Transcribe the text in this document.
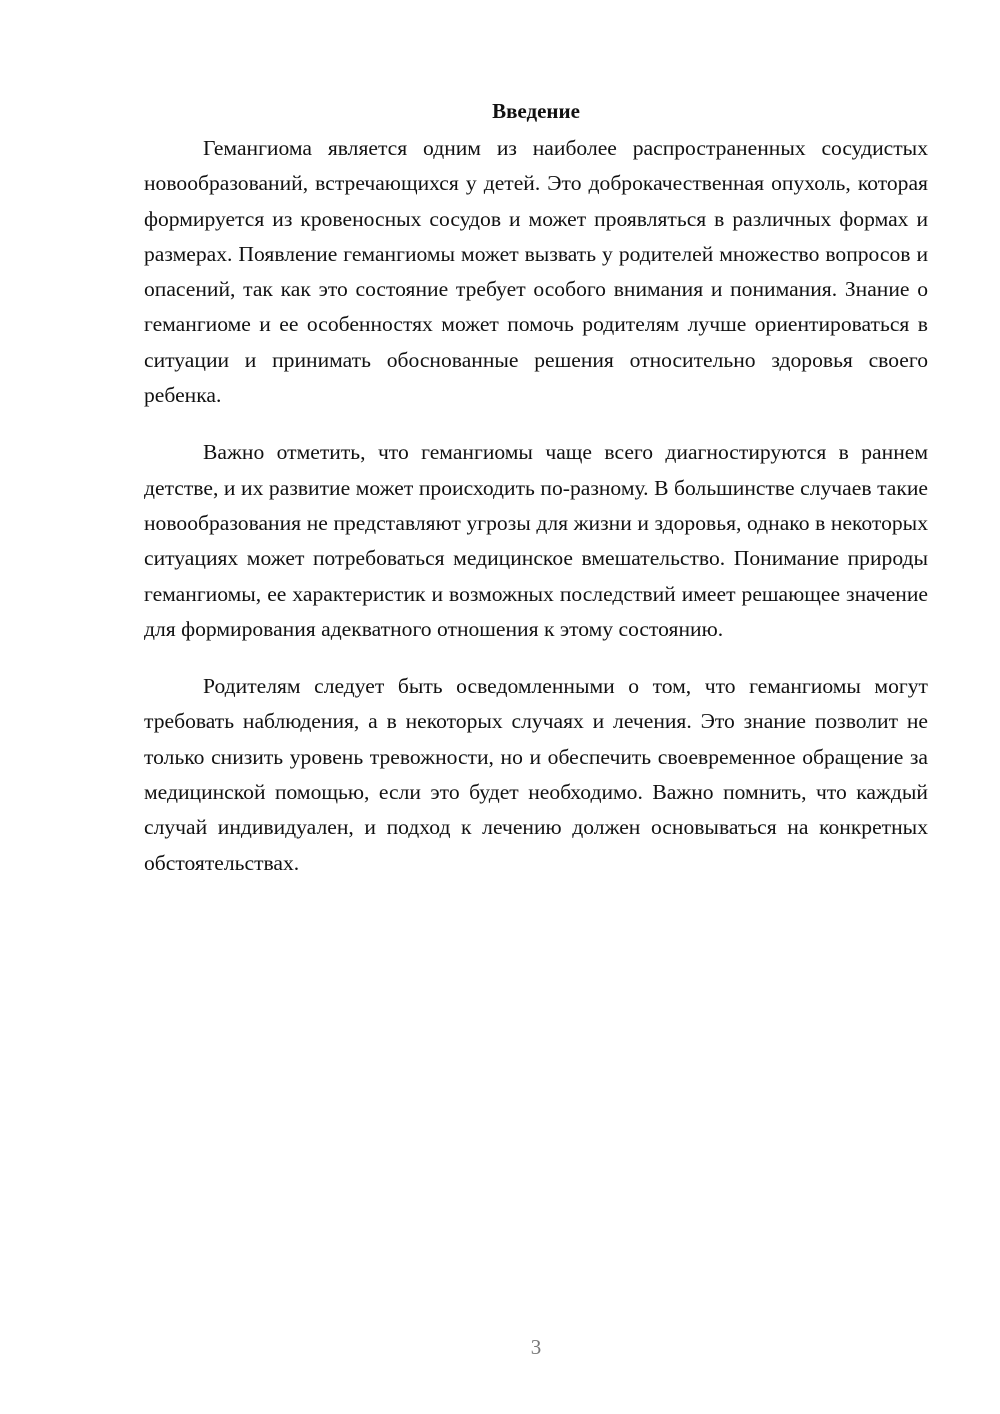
Введение

Гемангиома является одним из наиболее распространенных сосудистых новообразований, встречающихся у детей. Это доброкачественная опухоль, которая формируется из кровеносных сосудов и может проявляться в различных формах и размерах. Появление гемангиомы может вызвать у родителей множество вопросов и опасений, так как это состояние требует особого внимания и понимания. Знание о гемангиоме и ее особенностях может помочь родителям лучше ориентироваться в ситуации и принимать обоснованные решения относительно здоровья своего ребенка.

Важно отметить, что гемангиомы чаще всего диагностируются в раннем детстве, и их развитие может происходить по-разному. В большинстве случаев такие новообразования не представляют угрозы для жизни и здоровья, однако в некоторых ситуациях может потребоваться медицинское вмешательство. Понимание природы гемангиомы, ее характеристик и возможных последствий имеет решающее значение для формирования адекватного отношения к этому состоянию.

Родителям следует быть осведомленными о том, что гемангиомы могут требовать наблюдения, а в некоторых случаях и лечения. Это знание позволит не только снизить уровень тревожности, но и обеспечить своевременное обращение за медицинской помощью, если это будет необходимо. Важно помнить, что каждый случай индивидуален, и подход к лечению должен основываться на конкретных обстоятельствах.

3
